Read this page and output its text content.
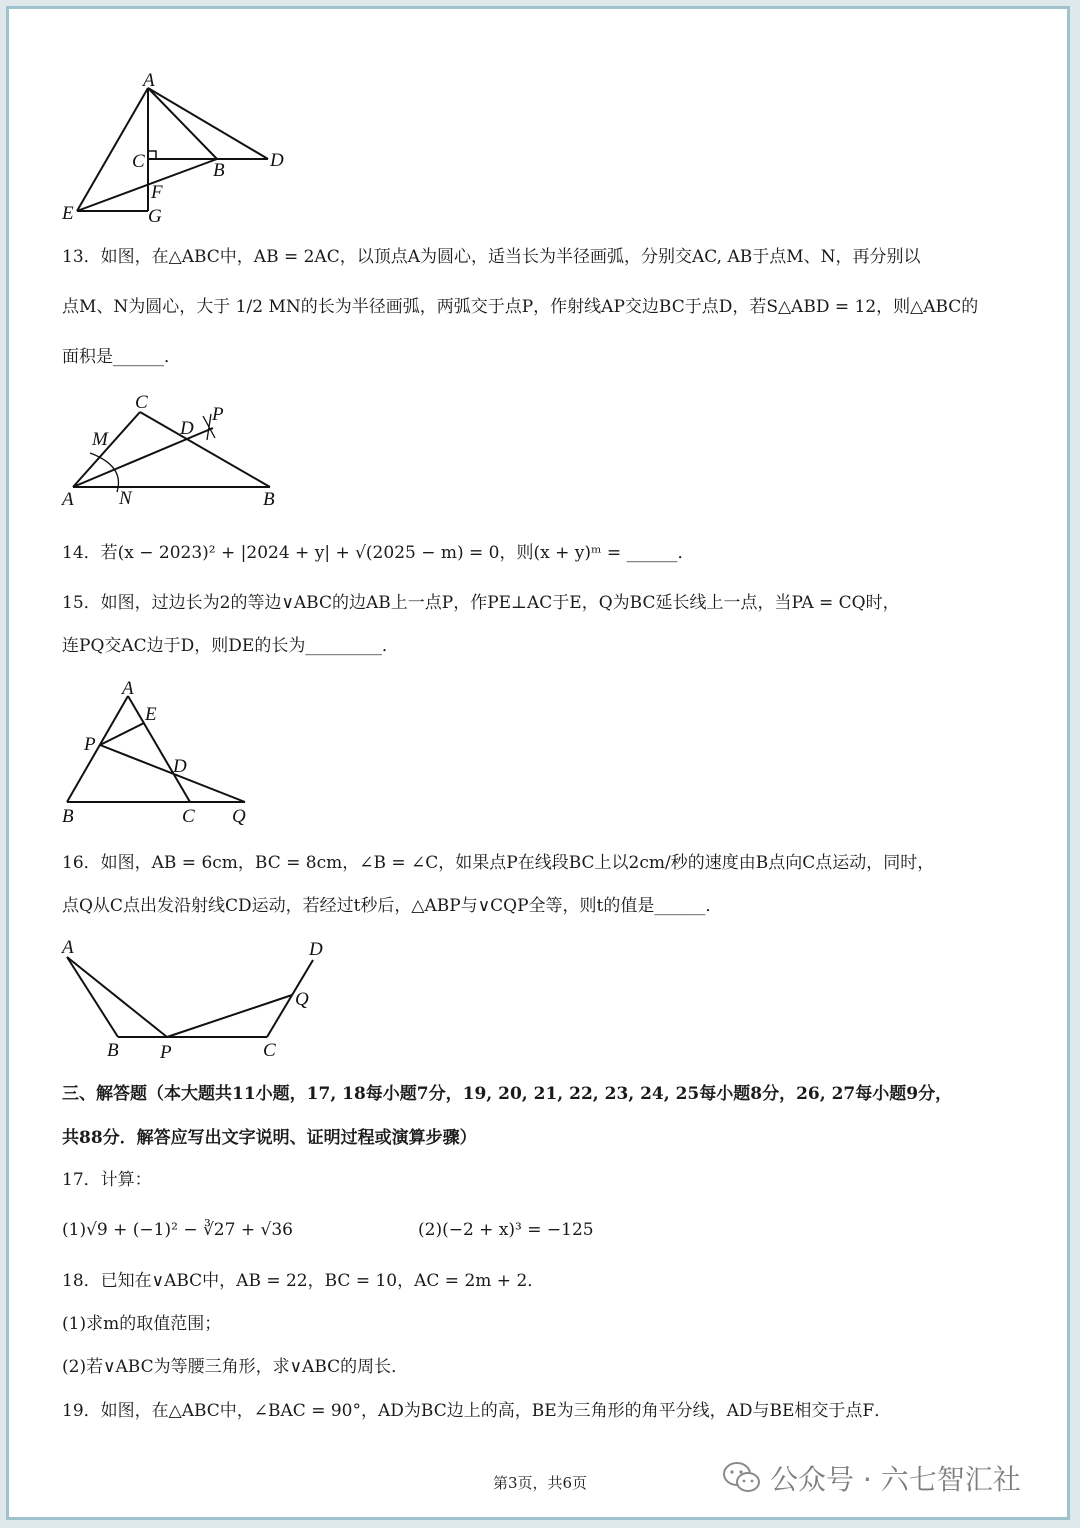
A
C	B D
F
E	G
13．如图，在△ABC中，AB = 2AC，以顶点A为圆心，适当长为半径画弧，分别交AC, AB于点M、N，再分别以
点M、N为圆心，大于 1/2 MN的长为半径画弧，两弧交于点P，作射线AP交边BC于点D，若S△ABD = 12，则△ABC的
面积是______．
C
M
D
P
A N	B
14．若(x − 2023)² + |2024 + y| + √(2025 − m) = 0，则(x + y)ᵐ = ______．
15．如图，过边长为2的等边∨ABC的边AB上一点P，作PE⊥AC于E，Q为BC延长线上一点，当PA = CQ时，
连PQ交AC边于D，则DE的长为_________．
A
E
P
D
B	C Q
16．如图，AB = 6cm，BC = 8cm，∠B = ∠C，如果点P在线段BC上以2cm/秒的速度由B点向C点运动，同时，
点Q从C点出发沿射线CD运动，若经过t秒后，△ABP与∨CQP全等，则t的值是______．
A	D
Q
B P	C
三、解答题（本大题共11小题，17, 18每小题7分，19, 20, 21, 22, 23, 24, 25每小题8分，26, 27每小题9分，
共88分．解答应写出文字说明、证明过程或演算步骤）
17．计算：
(1)√9 + (−1)² − ∛27 + √36	(2)(−2 + x)³ = −125
18．已知在∨ABC中，AB = 22，BC = 10，AC = 2m + 2．
(1)求m的取值范围；
(2)若∨ABC为等腰三角形，求∨ABC的周长．
19．如图，在△ABC中，∠BAC = 90°，AD为BC边上的高，BE为三角形的角平分线，AD与BE相交于点F．
第3页，共6页	公众号 · 六七智汇社
